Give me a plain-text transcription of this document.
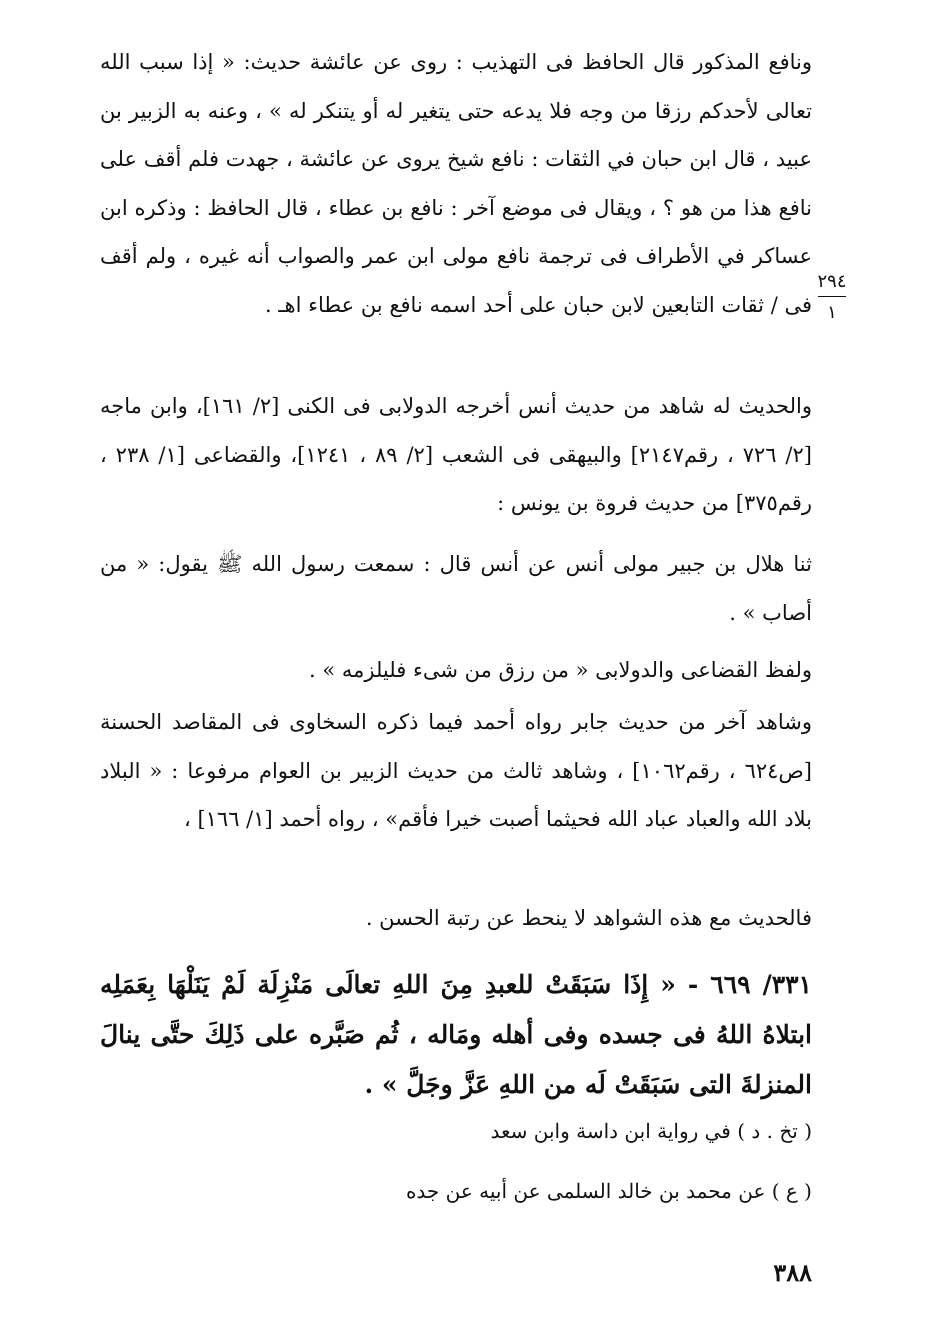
ونافع المذكور قال الحافظ فى التهذيب : روى عن عائشة حديث: « إذا سبب الله تعالى لأحدكم رزقا من وجه فلا يدعه حتى يتغير له أو يتنكر له » ، وعنه به الزبير بن عبيد ، قال ابن حبان في الثقات : نافع شيخ يروى عن عائشة ، جهدت فلم أقف على نافع هذا من هو ؟ ، ويقال فى موضع آخر : نافع بن عطاء ، قال الحافظ : وذكره ابن عساكر في الأطراف فى ترجمة نافع مولى ابن عمر والصواب أنه غيره ، ولم أقف فى / ثقات التابعين لابن حبان على أحد اسمه نافع بن عطاء اهـ .

٢٩٤
١

والحديث له شاهد من حديث أنس أخرجه الدولابى فى الكنى [٢/ ١٦١]، وابن ماجه [٢/ ٧٢٦ ، رقم٢١٤٧] والبيهقى فى الشعب [٢/ ٨٩ ، ١٢٤١]، والقضاعى [١/ ٢٣٨ ، رقم٣٧٥] من حديث فروة بن يونس :

ثنا هلال بن جبير مولى أنس عن أنس قال : سمعت رسول الله ﷺ يقول: « من أصاب » .

ولفظ القضاعى والدولابى « من رزق من شىء فليلزمه » .

وشاهد آخر من حديث جابر رواه أحمد فيما ذكره السخاوى فى المقاصد الحسنة [ص٦٢٤ ، رقم١٠٦٢] ، وشاهد ثالث من حديث الزبير بن العوام مرفوعا : « البلاد بلاد الله والعباد عباد الله فحيثما أصبت خيرا فأقم» ، رواه أحمد [١/ ١٦٦] ،

فالحديث مع هذه الشواهد لا ينحط عن رتبة الحسن .

٣٣١/ ٦٦٩ - « إِذَا سَبَقَتْ للعبدِ مِنَ اللهِ تعالَى مَنْزِلَة لَمْ يَنَلْهَا بِعَمَلِه ابتلاهُ اللهُ فى جسده وفى أهله ومَاله ، ثُم صَبَّره على ذَلِكَ حتَّى ينالَ المنزلةَ التى سَبَقَتْ لَه من اللهِ عَزَّ وجَلَّ » .

( تخ . د ) في رواية ابن داسة وابن سعد

( ع ) عن محمد بن خالد السلمى عن أبيه عن جده

٣٨٨
